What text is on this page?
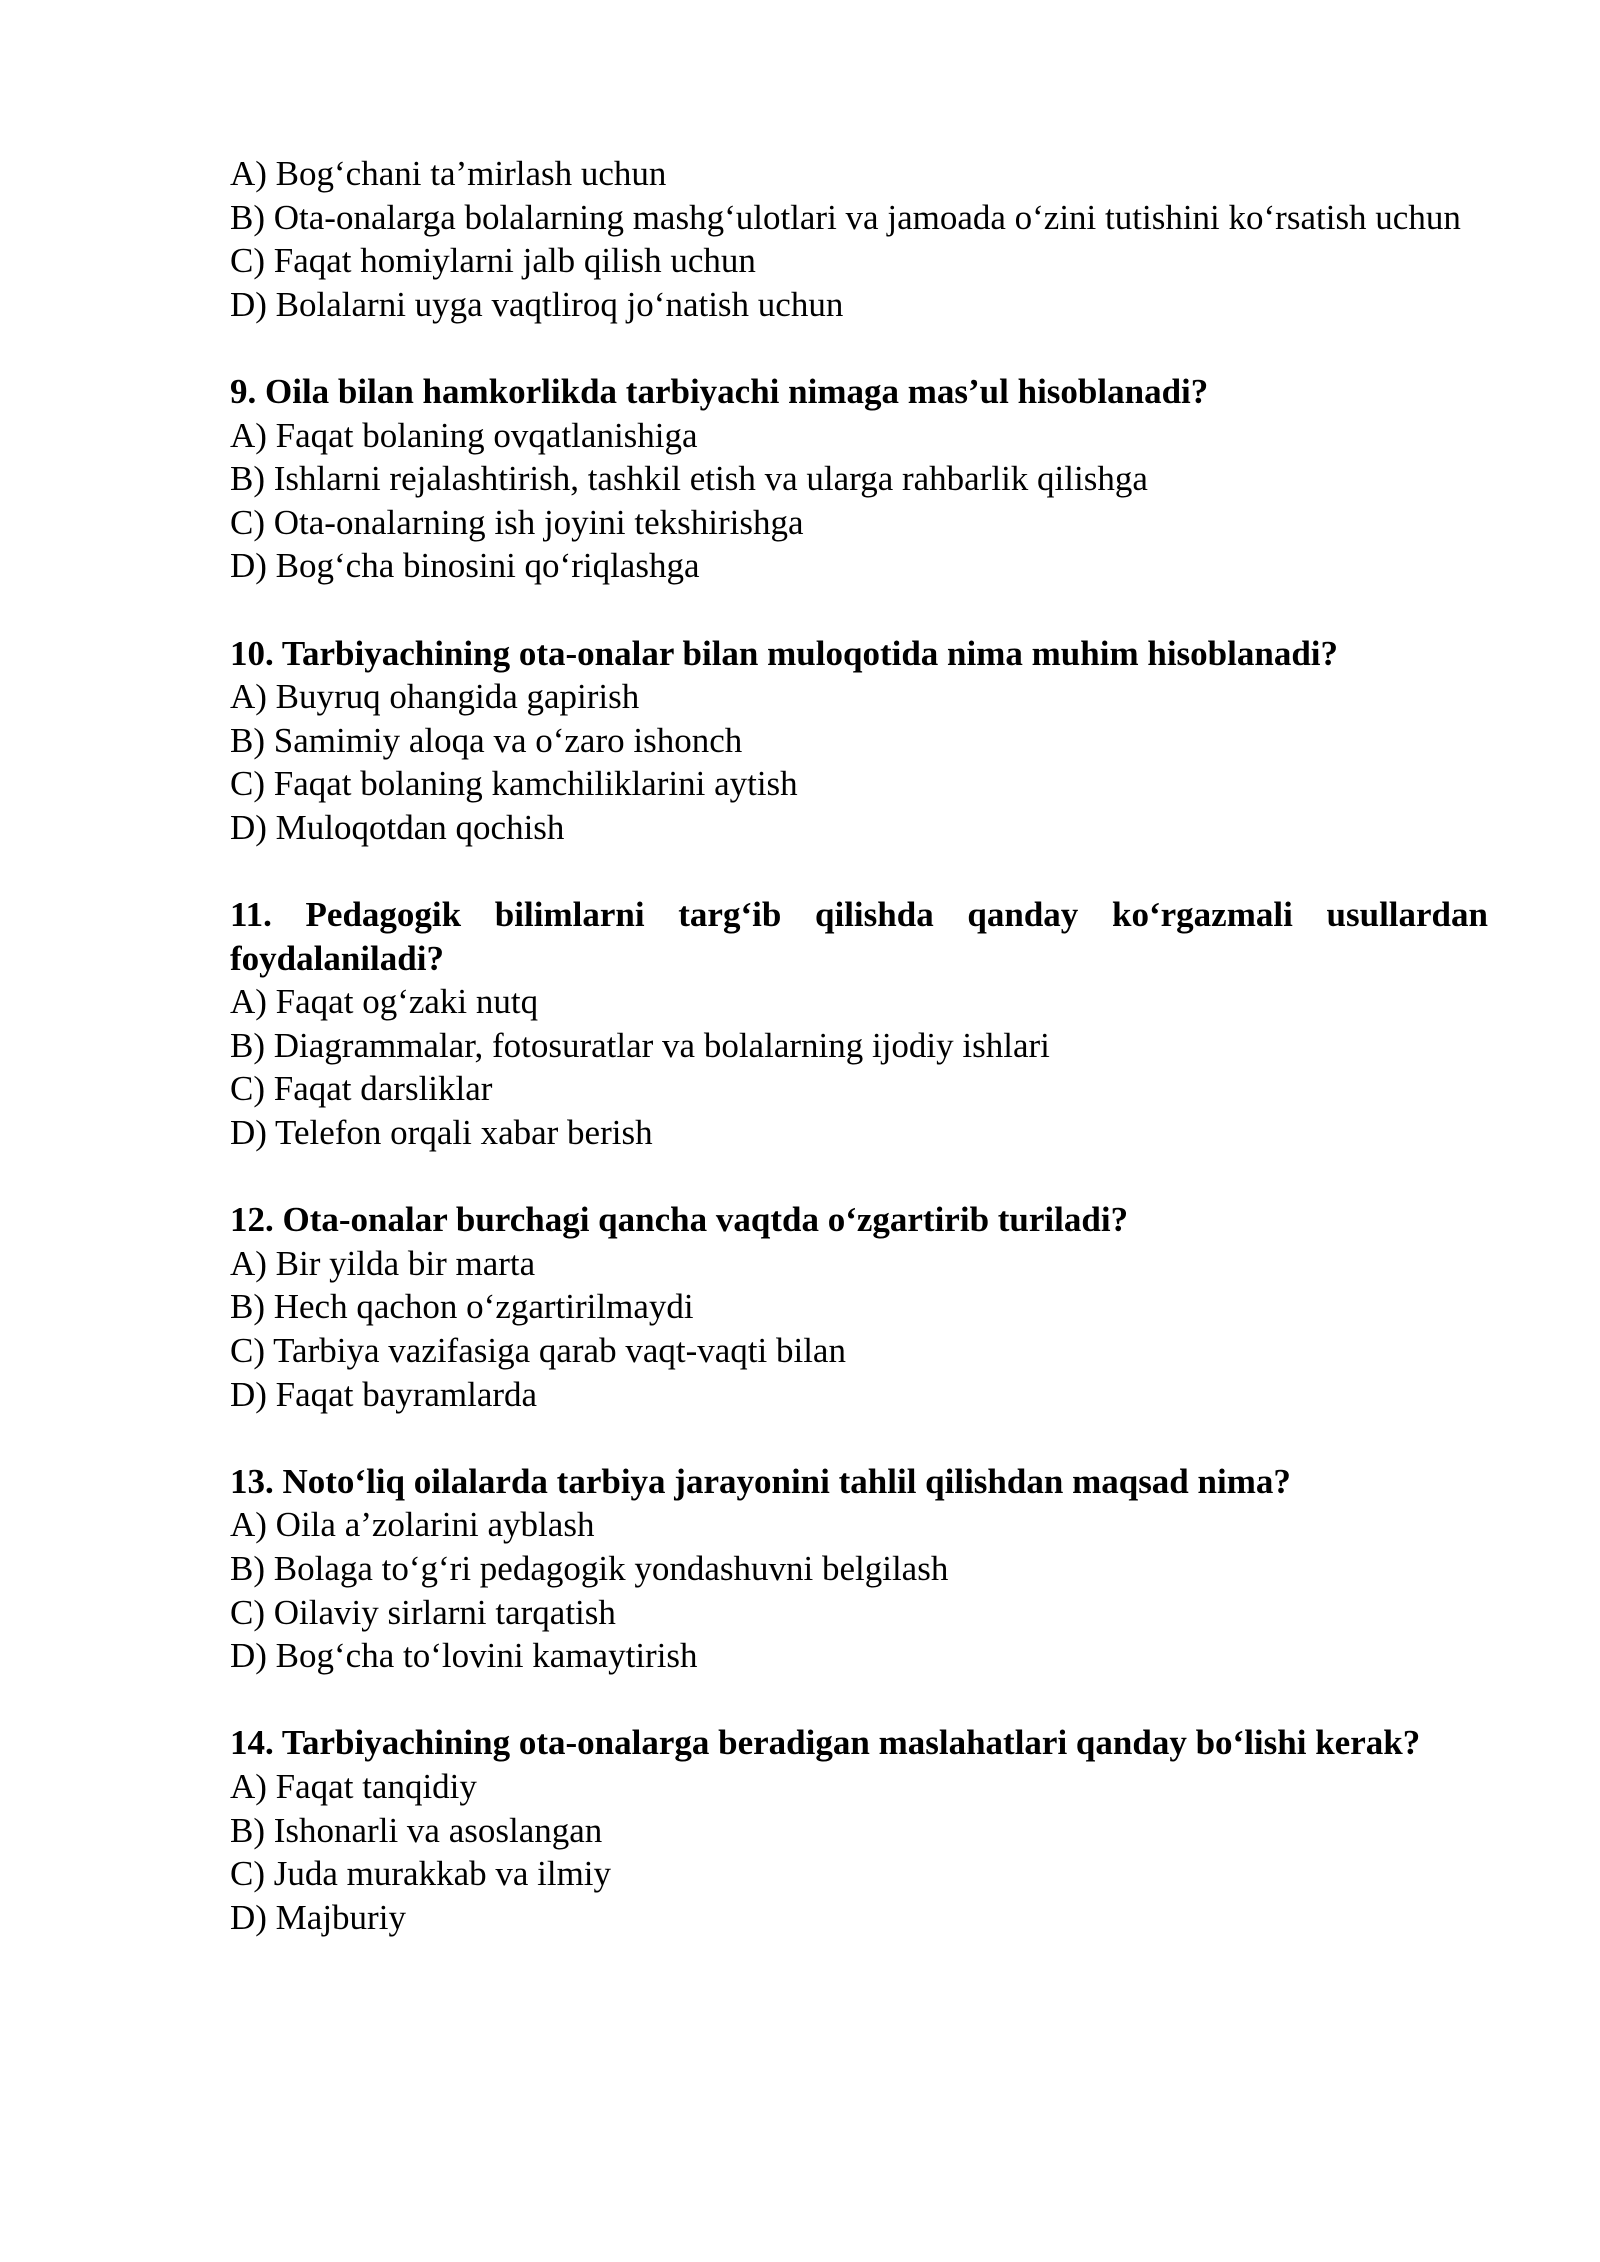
A) Bog‘chani ta’mirlash uchun

B) Ota-onalarga bolalarning mashg‘ulotlari va jamoada o‘zini tutishini ko‘rsatish uchun

C) Faqat homiylarni jalb qilish uchun

D) Bolalarni uyga vaqtliroq jo‘natish uchun

9. Oila bilan hamkorlikda tarbiyachi nimaga mas’ul hisoblanadi?

A) Faqat bolaning ovqatlanishiga

B) Ishlarni rejalashtirish, tashkil etish va ularga rahbarlik qilishga

C) Ota-onalarning ish joyini tekshirishga

D) Bog‘cha binosini qo‘riqlashga

10. Tarbiyachining ota-onalar bilan muloqotida nima muhim hisoblanadi?

A) Buyruq ohangida gapirish

B) Samimiy aloqa va o‘zaro ishonch

C) Faqat bolaning kamchiliklarini aytish

D) Muloqotdan qochish

11. Pedagogik bilimlarni targ‘ib qilishda qanday ko‘rgazmali usullardan foydalaniladi?

A) Faqat og‘zaki nutq

B) Diagrammalar, fotosuratlar va bolalarning ijodiy ishlari

C) Faqat darsliklar

D) Telefon orqali xabar berish

12. Ota-onalar burchagi qancha vaqtda o‘zgartirib turiladi?

A) Bir yilda bir marta

B) Hech qachon o‘zgartirilmaydi

C) Tarbiya vazifasiga qarab vaqt-vaqti bilan

D) Faqat bayramlarda

13. Noto‘liq oilalarda tarbiya jarayonini tahlil qilishdan maqsad nima?

A) Oila a’zolarini ayblash

B) Bolaga to‘g‘ri pedagogik yondashuvni belgilash

C) Oilaviy sirlarni tarqatish

D) Bog‘cha to‘lovini kamaytirish

14. Tarbiyachining ota-onalarga beradigan maslahatlari qanday bo‘lishi kerak?

A) Faqat tanqidiy

B) Ishonarli va asoslangan

C) Juda murakkab va ilmiy

D) Majburiy
